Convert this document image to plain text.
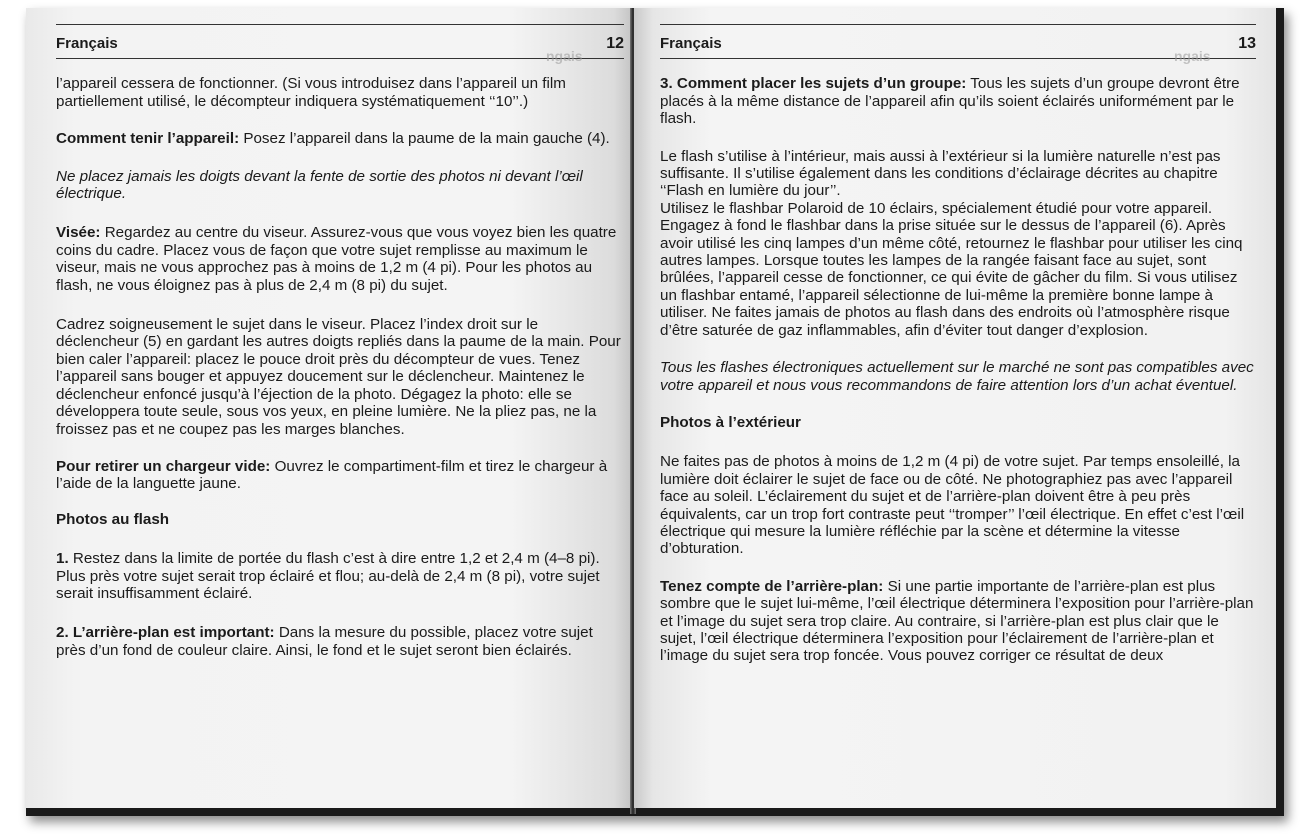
Français
ngais
12

l’appareil cessera de fonctionner. (Si vous introduisez dans l’appareil un film partiellement utilisé, le décompteur indiquera systématiquement ‘‘10’’.)

Comment tenir l’appareil: Posez l’appareil dans la paume de la main gauche (4).

Ne placez jamais les doigts devant la fente de sortie des photos ni devant l’œil électrique.

Visée: Regardez au centre du viseur. Assurez-vous que vous voyez bien les quatre coins du cadre. Placez vous de façon que votre sujet remplisse au maximum le viseur, mais ne vous approchez pas à moins de 1,2 m (4 pi). Pour les photos au flash, ne vous éloignez pas à plus de 2,4 m (8 pi) du sujet.

Cadrez soigneusement le sujet dans le viseur. Placez l’index droit sur le déclencheur (5) en gardant les autres doigts repliés dans la paume de la main. Pour bien caler l’appareil: placez le pouce droit près du décompteur de vues. Tenez l’appareil sans bouger et appuyez doucement sur le déclencheur. Maintenez le déclencheur enfoncé jusqu’à l’éjection de la photo. Dégagez la photo: elle se développera toute seule, sous vos yeux, en pleine lumière. Ne la pliez pas, ne la froissez pas et ne coupez pas les marges blanches.

Pour retirer un chargeur vide: Ouvrez le compartiment-film et tirez le chargeur à l’aide de la languette jaune.

Photos au flash

1. Restez dans la limite de portée du flash c’est à dire entre 1,2 et 2,4 m (4–8 pi). Plus près votre sujet serait trop éclairé et flou; au-delà de 2,4 m (8 pi), votre sujet serait insuffisamment éclairé.

2. L’arrière-plan est important: Dans la mesure du possible, placez votre sujet près d’un fond de couleur claire. Ainsi, le fond et le sujet seront bien éclairés.

Français
ngais
13

3. Comment placer les sujets d’un groupe: Tous les sujets d’un groupe devront être placés à la même distance de l’appareil afin qu’ils soient éclairés uniformément par le flash.

Le flash s’utilise à l’intérieur, mais aussi à l’extérieur si la lumière naturelle n’est pas suffisante. Il s’utilise également dans les conditions d’éclairage décrites au chapitre ‘‘Flash en lumière du jour’’.

Utilisez le flashbar Polaroid de 10 éclairs, spécialement étudié pour votre appareil. Engagez à fond le flashbar dans la prise située sur le dessus de l’appareil (6). Après avoir utilisé les cinq lampes d’un même côté, retournez le flashbar pour utiliser les cinq autres lampes. Lorsque toutes les lampes de la rangée faisant face au sujet, sont brûlées, l’appareil cesse de fonctionner, ce qui évite de gâcher du film. Si vous utilisez un flashbar entamé, l’appareil sélectionne de lui-même la première bonne lampe à utiliser. Ne faites jamais de photos au flash dans des endroits où l’atmosphère risque d’être saturée de gaz inflammables, afin d’éviter tout danger d’explosion.

Tous les flashes électroniques actuellement sur le marché ne sont pas compatibles avec votre appareil et nous vous recommandons de faire attention lors d’un achat éventuel.

Photos à l’extérieur

Ne faites pas de photos à moins de 1,2 m (4 pi) de votre sujet. Par temps ensoleillé, la lumière doit éclairer le sujet de face ou de côté. Ne photographiez pas avec l’appareil face au soleil. L’éclairement du sujet et de l’arrière-plan doivent être à peu près équivalents, car un trop fort contraste peut ‘‘tromper’’ l’œil électrique. En effet c’est l’œil électrique qui mesure la lumière réfléchie par la scène et détermine la vitesse d’obturation.

Tenez compte de l’arrière-plan: Si une partie importante de l’arrière-plan est plus sombre que le sujet lui-même, l’œil électrique déterminera l’exposition pour l’arrière-plan et l’image du sujet sera trop claire. Au contraire, si l’arrière-plan est plus clair que le sujet, l’œil électrique déterminera l’exposition pour l’éclairement de l’arrière-plan et l’image du sujet sera trop foncée. Vous pouvez corriger ce résultat de deux
